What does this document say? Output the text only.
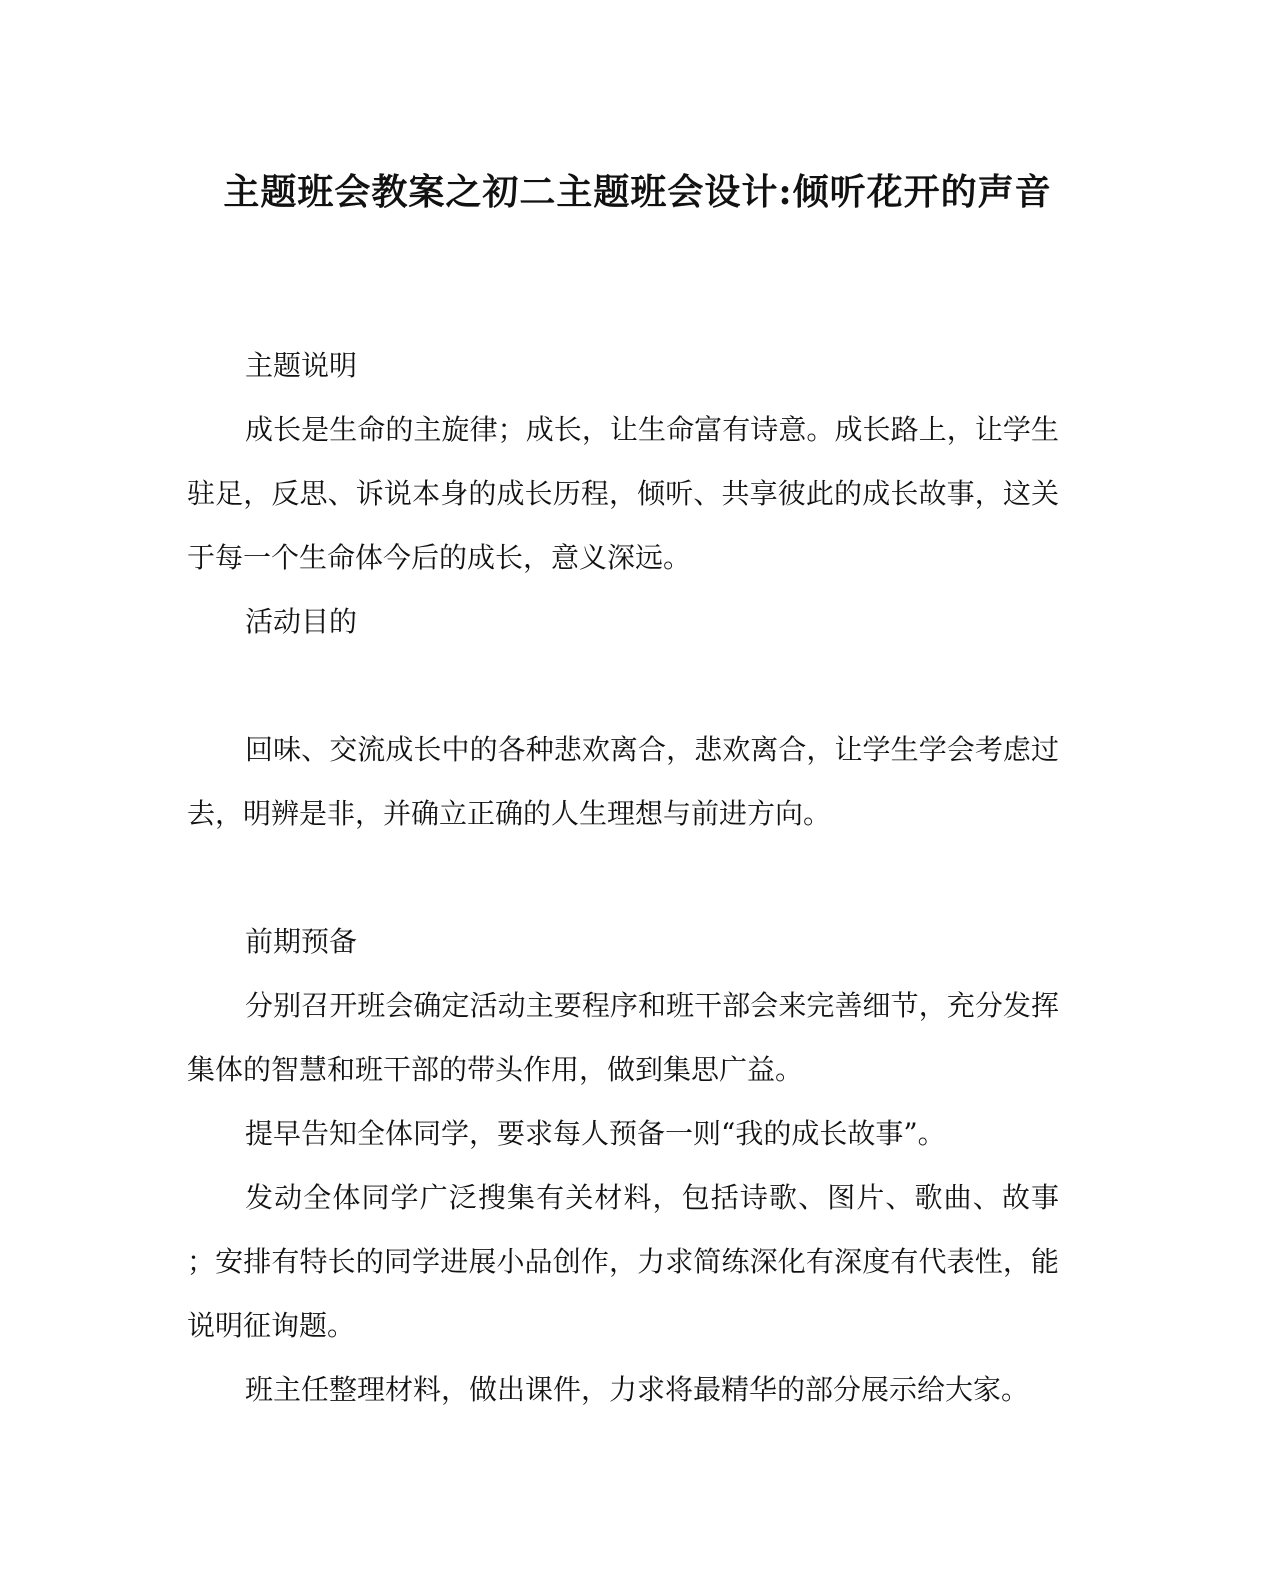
主题班会教案之初二主题班会设计:倾听花开的声音

主题说明

成长是生命的主旋律；成长，让生命富有诗意。成长路上，让学生驻足，反思、诉说本身的成长历程，倾听、共享彼此的成长故事，这关于每一个生命体今后的成长，意义深远。

活动目的

回味、交流成长中的各种悲欢离合，悲欢离合，让学生学会考虑过去，明辨是非，并确立正确的人生理想与前进方向。

前期预备

分别召开班会确定活动主要程序和班干部会来完善细节，充分发挥集体的智慧和班干部的带头作用，做到集思广益。

提早告知全体同学，要求每人预备一则“我的成长故事”。

发动全体同学广泛搜集有关材料，包括诗歌、图片、歌曲、故事
；安排有特长的同学进展小品创作，力求简练深化有深度有代表性，能说明征询题。

班主任整理材料，做出课件，力求将最精华的部分展示给大家。
